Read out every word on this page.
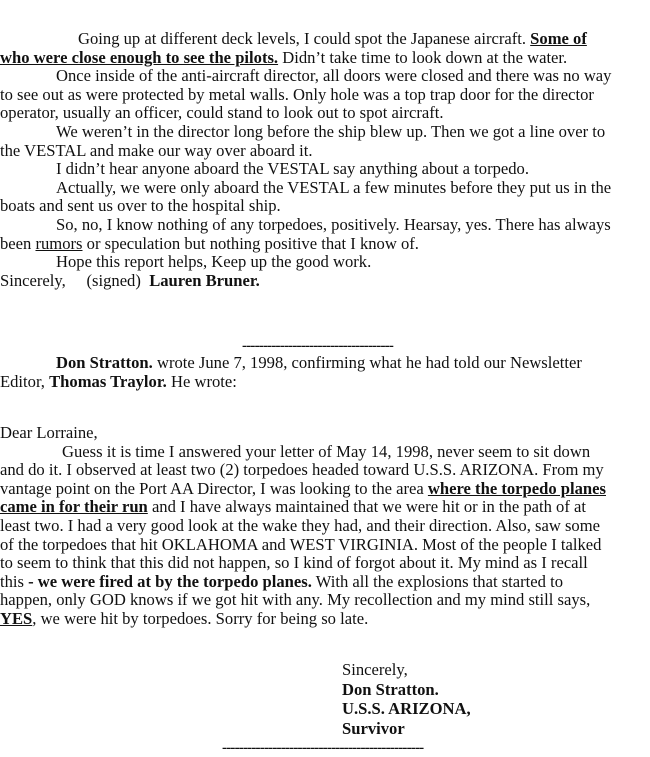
Going up at different deck levels, I could spot the Japanese aircraft. Some of who were close enough to see the pilots. Didn’t take time to look down at the water.

Once inside of the anti-aircraft director, all doors were closed and there was no way to see out as were protected by metal walls. Only hole was a top trap door for the director operator, usually an officer, could stand to look out to spot aircraft.

We weren’t in the director long before the ship blew up. Then we got a line over to the VESTAL and make our way over aboard it.

I didn’t hear anyone aboard the VESTAL say anything about a torpedo.

Actually, we were only aboard the VESTAL a few minutes before they put us in the boats and sent us over to the hospital ship.

So, no, I know nothing of any torpedoes, positively. Hearsay, yes. There has always been rumors or speculation but nothing positive that I know of.

Hope this report helps, Keep up the good work.

Sincerely, (signed) Lauren Bruner.

------------------------------------

Don Stratton. wrote June 7, 1998, confirming what he had told our Newsletter Editor, Thomas Traylor. He wrote:

Dear Lorraine,

Guess it is time I answered your letter of May 14, 1998, never seem to sit down and do it. I observed at least two (2) torpedoes headed toward U.S.S. ARIZONA. From my vantage point on the Port AA Director, I was looking to the area where the torpedo planes came in for their run and I have always maintained that we were hit or in the path of at least two. I had a very good look at the wake they had, and their direction. Also, saw some of the torpedoes that hit OKLAHOMA and WEST VIRGINIA. Most of the people I talked to seem to think that this did not happen, so I kind of forgot about it. My mind as I recall this - we were fired at by the torpedo planes. With all the explosions that started to happen, only GOD knows if we got hit with any. My recollection and my mind still says, YES, we were hit by torpedoes. Sorry for being so late.

Sincerely,
Don Stratton.
U.S.S. ARIZONA,
Survivor
------------------------------------------------
